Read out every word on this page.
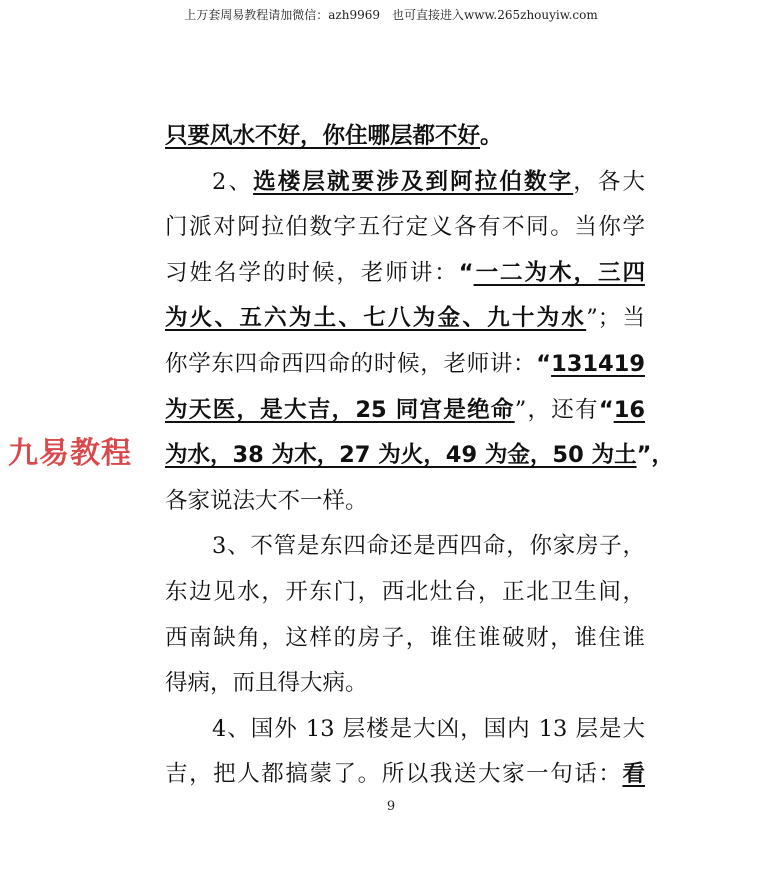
上万套周易教程请加微信：azh9969　也可直接进入www.265zhouyiw.com
九易教程
只要风水不好，你住哪层都不好。
2、选楼层就要涉及到阿拉伯数字，各大
门派对阿拉伯数字五行定义各有不同。当你学
习姓名学的时候，老师讲：“一二为木，三四
为火、五六为土、七八为金、九十为水”；当
你学东四命西四命的时候，老师讲：“131419
为天医，是大吉，25 同宫是绝命”，还有“16
为水，38 为木，27 为火，49 为金，50 为土”，
各家说法大不一样。
3、不管是东四命还是西四命，你家房子，
东边见水，开东门，西北灶台，正北卫生间，
西南缺角，这样的房子，谁住谁破财，谁住谁
得病，而且得大病。
4、国外 13 层楼是大凶，国内 13 层是大
吉，把人都搞蒙了。所以我送大家一句话：看
9
